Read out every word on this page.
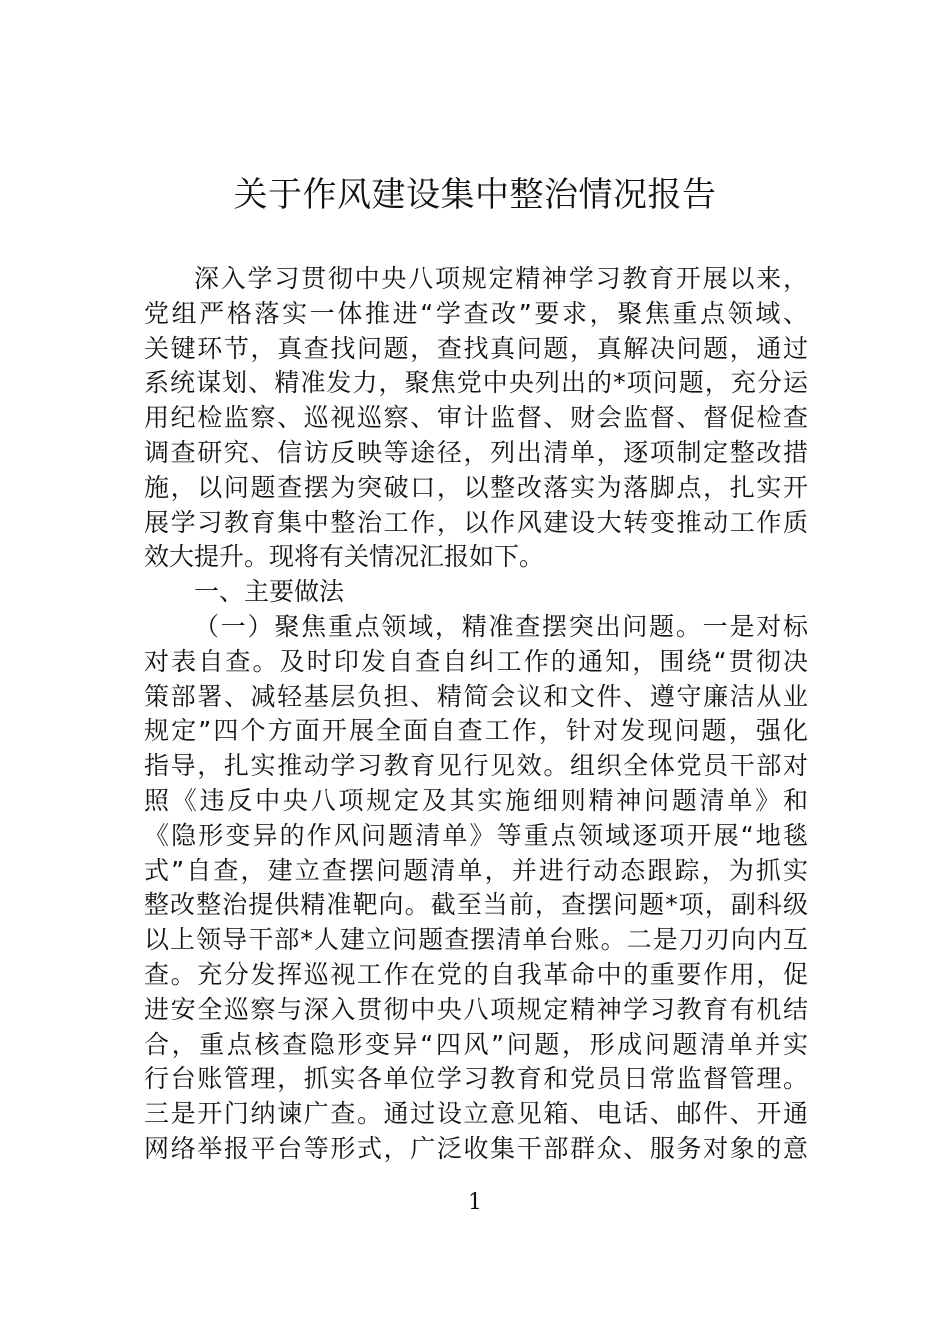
关于作风建设集中整治情况报告
深入学习贯彻中央八项规定精神学习教育开展以来，
党组严格落实一体推进“学查改”要求，聚焦重点领域、
关键环节，真查找问题，查找真问题，真解决问题，通过
系统谋划、精准发力，聚焦党中央列出的*项问题，充分运
用纪检监察、巡视巡察、审计监督、财会监督、督促检查
调查研究、信访反映等途径，列出清单，逐项制定整改措
施，以问题查摆为突破口，以整改落实为落脚点，扎实开
展学习教育集中整治工作，以作风建设大转变推动工作质
效大提升。现将有关情况汇报如下。
一、主要做法
（一）聚焦重点领域，精准查摆突出问题。一是对标
对表自查。及时印发自查自纠工作的通知，围绕“贯彻决
策部署、减轻基层负担、精简会议和文件、遵守廉洁从业
规定”四个方面开展全面自查工作，针对发现问题，强化
指导，扎实推动学习教育见行见效。组织全体党员干部对
照《违反中央八项规定及其实施细则精神问题清单》和
《隐形变异的作风问题清单》等重点领域逐项开展“地毯
式”自查，建立查摆问题清单，并进行动态跟踪，为抓实
整改整治提供精准靶向。截至当前，查摆问题*项，副科级
以上领导干部*人建立问题查摆清单台账。二是刀刃向内互
查。充分发挥巡视工作在党的自我革命中的重要作用，促
进安全巡察与深入贯彻中央八项规定精神学习教育有机结
合，重点核查隐形变异“四风”问题，形成问题清单并实
行台账管理，抓实各单位学习教育和党员日常监督管理。
三是开门纳谏广查。通过设立意见箱、电话、邮件、开通
网络举报平台等形式，广泛收集干部群众、服务对象的意
1
